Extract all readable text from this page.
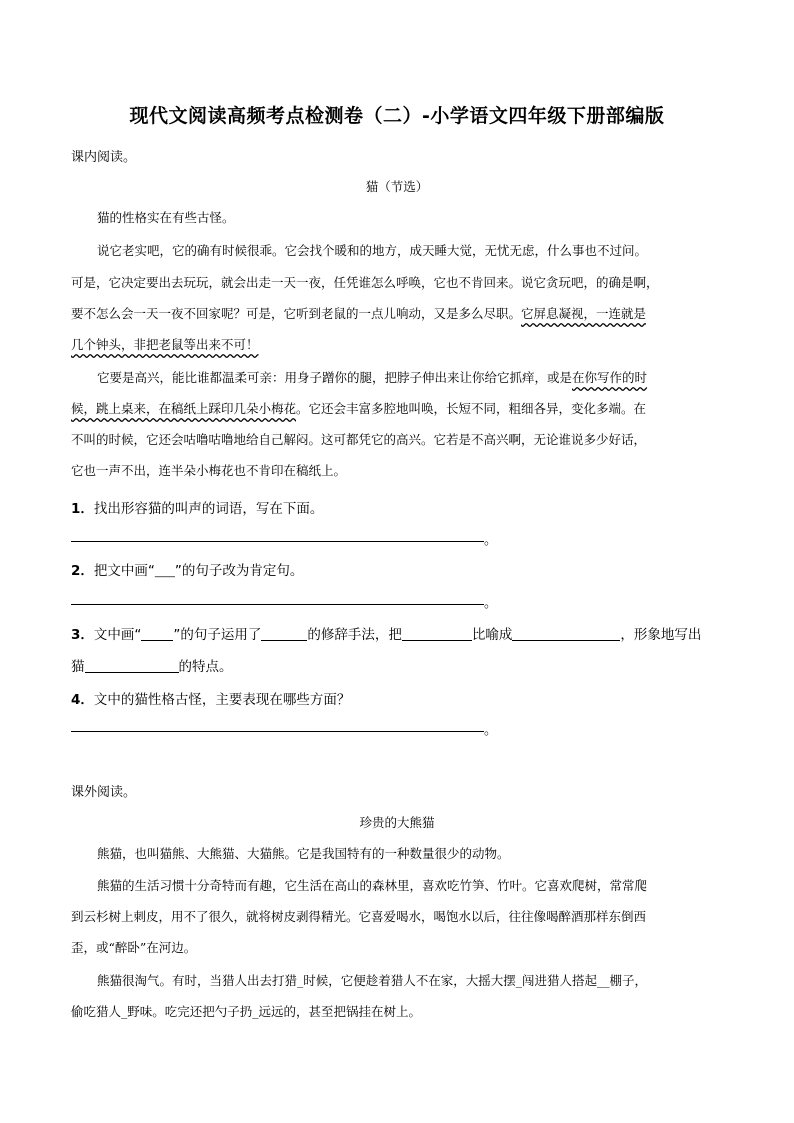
现代文阅读高频考点检测卷（二）-小学语文四年级下册部编版
课内阅读。
猫（节选）
猫的性格实在有些古怪。
说它老实吧，它的确有时候很乖。它会找个暖和的地方，成天睡大觉，无忧无虑，什么事也不过问。
可是，它决定要出去玩玩，就会出走一天一夜，任凭谁怎么呼唤，它也不肯回来。说它贪玩吧，的确是啊，
要不怎么会一天一夜不回家呢？可是，它听到老鼠的一点儿响动，又是多么尽职。它屏息凝视，一连就是
几个钟头，非把老鼠等出来不可！
它要是高兴，能比谁都温柔可亲：用身子蹭你的腿，把脖子伸出来让你给它抓痒，或是在你写作的时
候，跳上桌来，在稿纸上踩印几朵小梅花。它还会丰富多腔地叫唤，长短不同，粗细各异，变化多端。在
不叫的时候，它还会咕噜咕噜地给自己解闷。这可都凭它的高兴。它若是不高兴啊，无论谁说多少好话，
它也一声不出，连半朵小梅花也不肯印在稿纸上。
1．找出形容猫的叫声的词语，写在下面。
。
2．把文中画“____”的句子改为肯定句。
。
3．文中画“ ”的句子运用了	的修辞手法，把	比喻成	，形象地写出
猫	的特点。
4．文中的猫性格古怪，主要表现在哪些方面？
。
课外阅读。
珍贵的大熊猫
熊猫，也叫猫熊、大熊猫、大猫熊。它是我国特有的一种数量很少的动物。
熊猫的生活习惯十分奇特而有趣，它生活在高山的森林里，喜欢吃竹笋、竹叶。它喜欢爬树，常常爬
到云杉树上刺皮，用不了很久，就将树皮剥得精光。它喜爱喝水，喝饱水以后，往往像喝醉酒那样东倒西
歪，或“醉卧”在河边。
熊猫很淘气。有时，当猎人出去打猎_时候，它便趁着猎人不在家，大摇大摆_闯进猎人搭起__棚子，
偷吃猎人_野味。吃完还把勺子扔_远远的，甚至把锅挂在树上。
